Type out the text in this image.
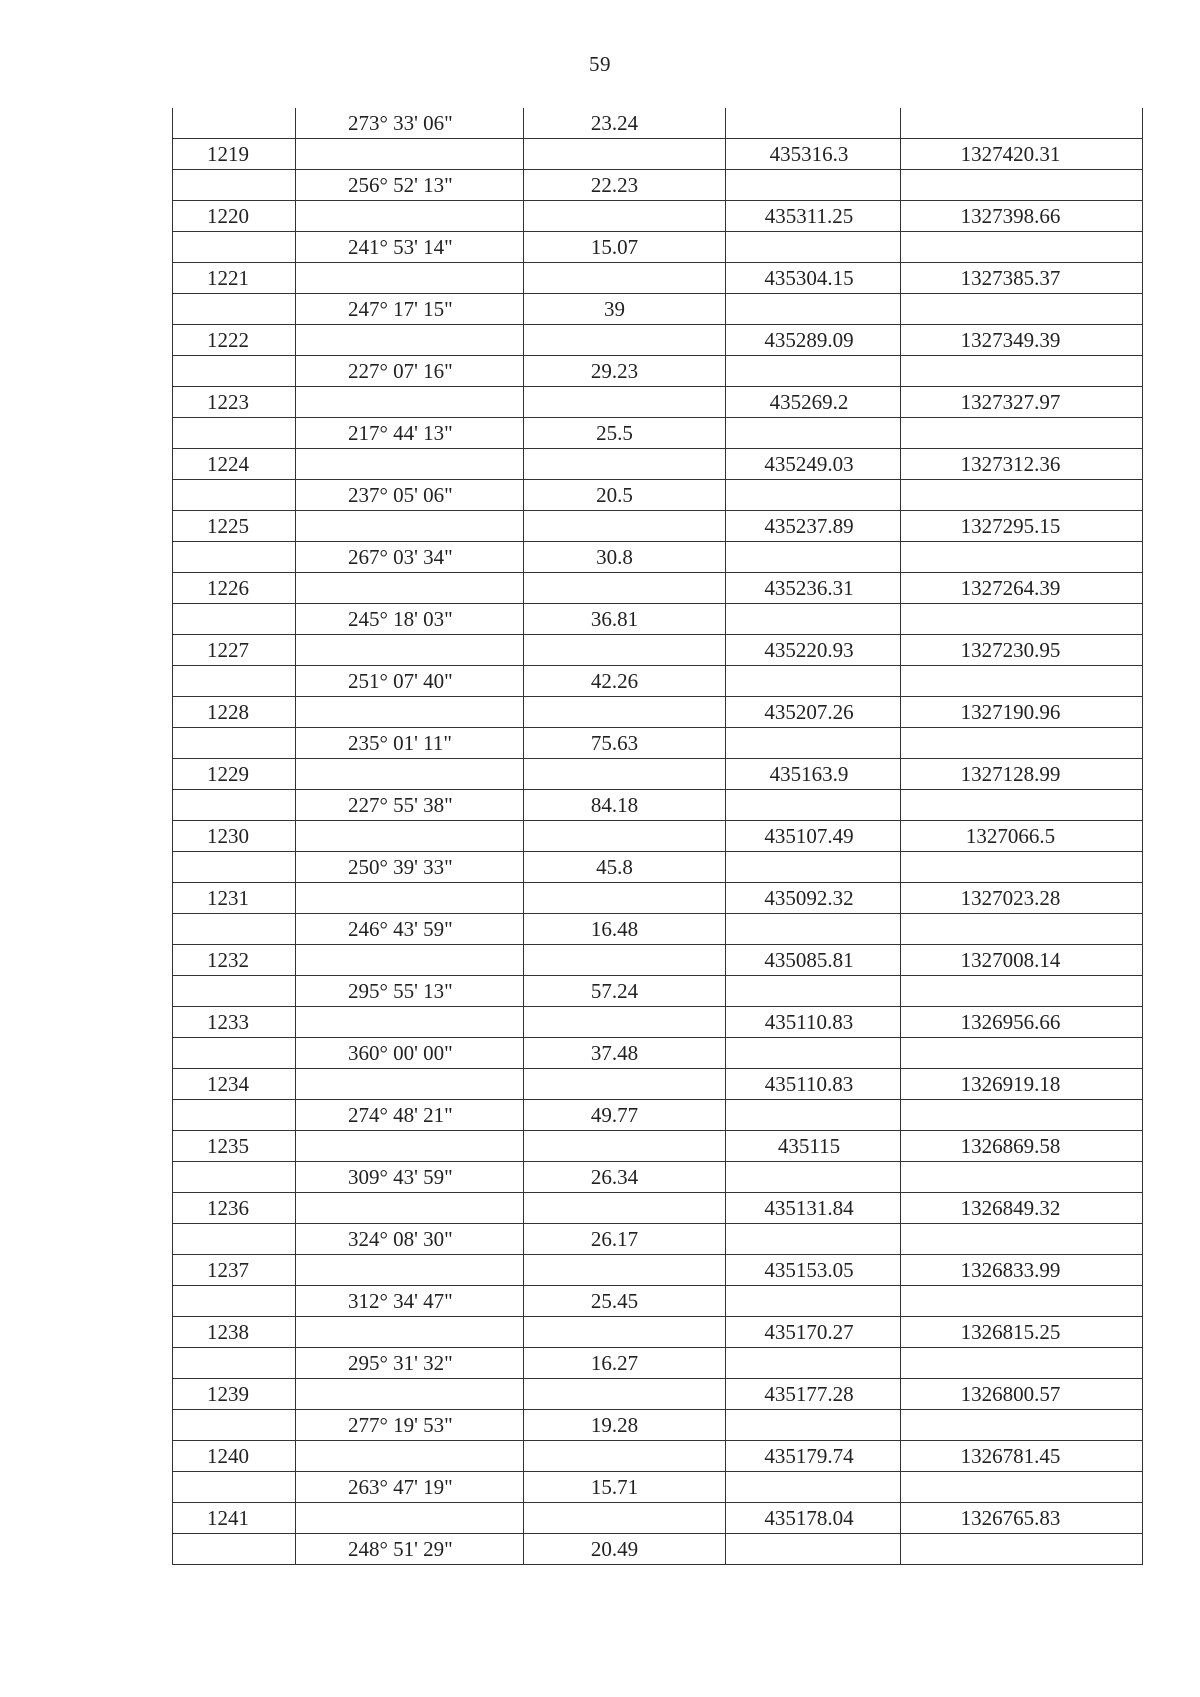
59
	273° 33' 06"	23.24		
1219			435316.3	1327420.31
	256° 52' 13"	22.23		
1220			435311.25	1327398.66
	241° 53' 14"	15.07		
1221			435304.15	1327385.37
	247° 17' 15"	39		
1222			435289.09	1327349.39
	227° 07' 16"	29.23		
1223			435269.2	1327327.97
	217° 44' 13"	25.5		
1224			435249.03	1327312.36
	237° 05' 06"	20.5		
1225			435237.89	1327295.15
	267° 03' 34"	30.8		
1226			435236.31	1327264.39
	245° 18' 03"	36.81		
1227			435220.93	1327230.95
	251° 07' 40"	42.26		
1228			435207.26	1327190.96
	235° 01' 11"	75.63		
1229			435163.9	1327128.99
	227° 55' 38"	84.18		
1230			435107.49	1327066.5
	250° 39' 33"	45.8		
1231			435092.32	1327023.28
	246° 43' 59"	16.48		
1232			435085.81	1327008.14
	295° 55' 13"	57.24		
1233			435110.83	1326956.66
	360° 00' 00"	37.48		
1234			435110.83	1326919.18
	274° 48' 21"	49.77		
1235			435115	1326869.58
	309° 43' 59"	26.34		
1236			435131.84	1326849.32
	324° 08' 30"	26.17		
1237			435153.05	1326833.99
	312° 34' 47"	25.45		
1238			435170.27	1326815.25
	295° 31' 32"	16.27		
1239			435177.28	1326800.57
	277° 19' 53"	19.28		
1240			435179.74	1326781.45
	263° 47' 19"	15.71		
1241			435178.04	1326765.83
	248° 51' 29"	20.49		
